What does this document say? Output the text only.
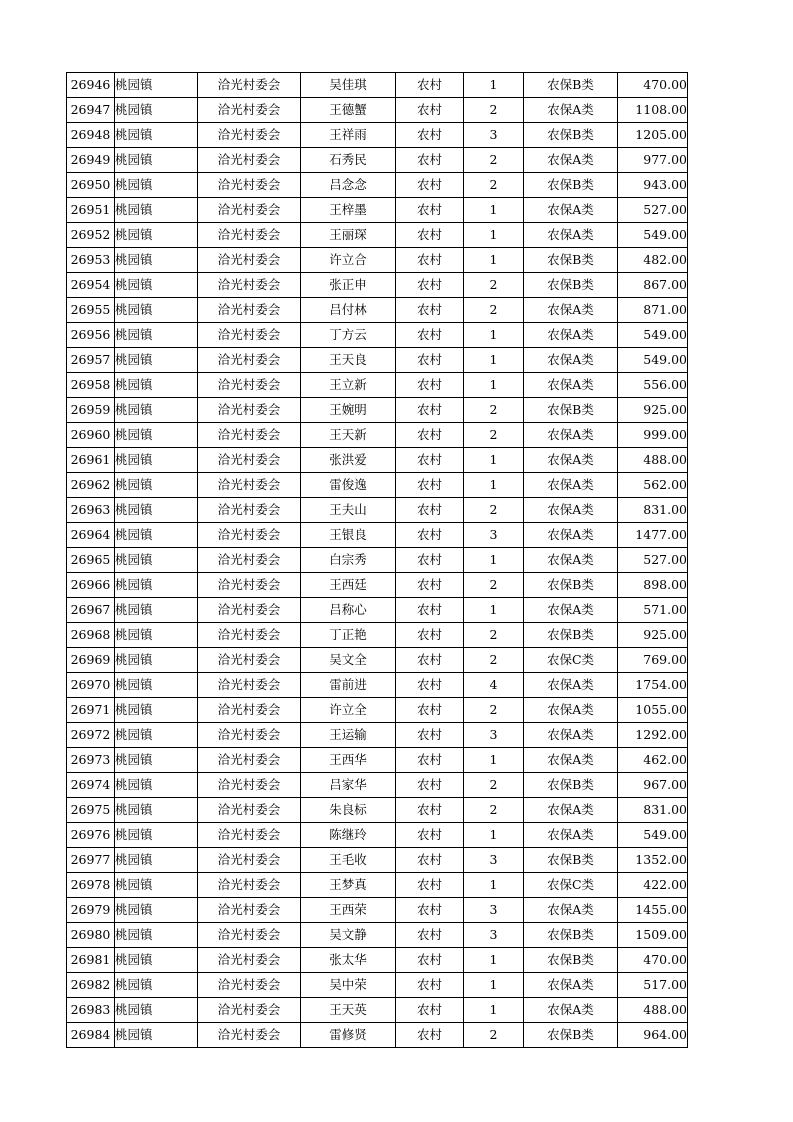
26946	桃园镇	洽光村委会	吴佳琪	农村	1	农保B类	470.00
26947	桃园镇	洽光村委会	王德蟹	农村	2	农保A类	1108.00
26948	桃园镇	洽光村委会	王祥雨	农村	3	农保B类	1205.00
26949	桃园镇	洽光村委会	石秀民	农村	2	农保A类	977.00
26950	桃园镇	洽光村委会	吕念念	农村	2	农保B类	943.00
26951	桃园镇	洽光村委会	王梓墨	农村	1	农保A类	527.00
26952	桃园镇	洽光村委会	王丽琛	农村	1	农保A类	549.00
26953	桃园镇	洽光村委会	许立合	农村	1	农保B类	482.00
26954	桃园镇	洽光村委会	张正申	农村	2	农保B类	867.00
26955	桃园镇	洽光村委会	吕付林	农村	2	农保A类	871.00
26956	桃园镇	洽光村委会	丁方云	农村	1	农保A类	549.00
26957	桃园镇	洽光村委会	王天良	农村	1	农保A类	549.00
26958	桃园镇	洽光村委会	王立新	农村	1	农保A类	556.00
26959	桃园镇	洽光村委会	王婉明	农村	2	农保B类	925.00
26960	桃园镇	洽光村委会	王天新	农村	2	农保A类	999.00
26961	桃园镇	洽光村委会	张洪爱	农村	1	农保A类	488.00
26962	桃园镇	洽光村委会	雷俊逸	农村	1	农保A类	562.00
26963	桃园镇	洽光村委会	王夫山	农村	2	农保A类	831.00
26964	桃园镇	洽光村委会	王银良	农村	3	农保A类	1477.00
26965	桃园镇	洽光村委会	白宗秀	农村	1	农保A类	527.00
26966	桃园镇	洽光村委会	王西廷	农村	2	农保B类	898.00
26967	桃园镇	洽光村委会	吕称心	农村	1	农保A类	571.00
26968	桃园镇	洽光村委会	丁正艳	农村	2	农保B类	925.00
26969	桃园镇	洽光村委会	吴文全	农村	2	农保C类	769.00
26970	桃园镇	洽光村委会	雷前进	农村	4	农保A类	1754.00
26971	桃园镇	洽光村委会	许立全	农村	2	农保A类	1055.00
26972	桃园镇	洽光村委会	王运输	农村	3	农保A类	1292.00
26973	桃园镇	洽光村委会	王西华	农村	1	农保A类	462.00
26974	桃园镇	洽光村委会	吕家华	农村	2	农保B类	967.00
26975	桃园镇	洽光村委会	朱良标	农村	2	农保A类	831.00
26976	桃园镇	洽光村委会	陈继玲	农村	1	农保A类	549.00
26977	桃园镇	洽光村委会	王毛收	农村	3	农保B类	1352.00
26978	桃园镇	洽光村委会	王梦真	农村	1	农保C类	422.00
26979	桃园镇	洽光村委会	王西荣	农村	3	农保A类	1455.00
26980	桃园镇	洽光村委会	吴文静	农村	3	农保B类	1509.00
26981	桃园镇	洽光村委会	张太华	农村	1	农保B类	470.00
26982	桃园镇	洽光村委会	吴中荣	农村	1	农保A类	517.00
26983	桃园镇	洽光村委会	王天英	农村	1	农保A类	488.00
26984	桃园镇	洽光村委会	雷修贤	农村	2	农保B类	964.00
